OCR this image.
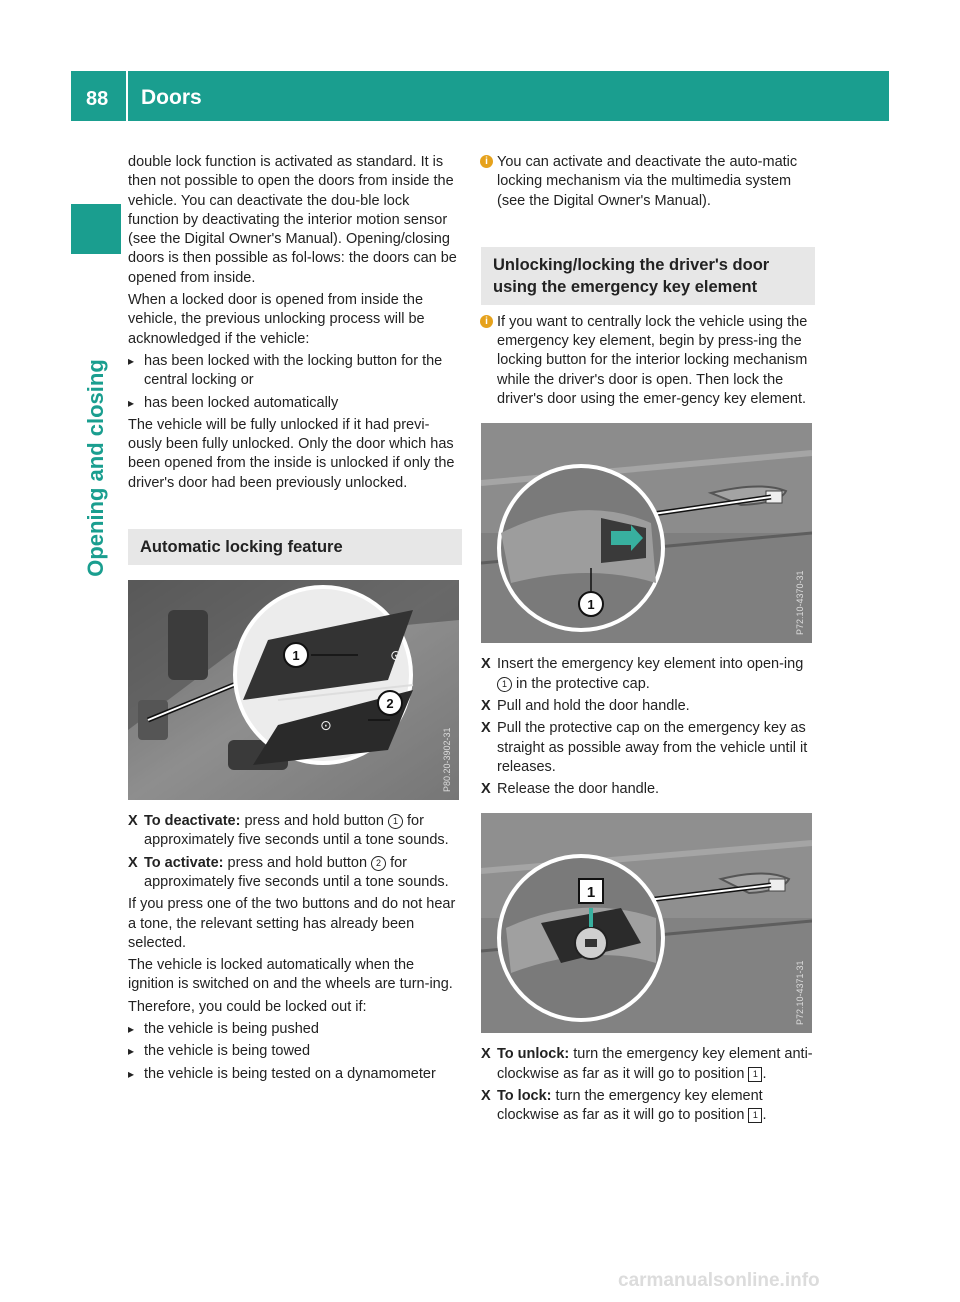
88 Doors
Opening and closing

double lock function is activated as standard. It is then not possible to open the doors from inside the vehicle. You can deactivate the dou-ble lock function by deactivating the interior motion sensor (see the Digital Owner's Manual). Opening/closing doors is then possible as fol-lows: the doors can be opened from inside.

When a locked door is opened from inside the vehicle, the previous unlocking process will be acknowledged if the vehicle:

▸ has been locked with the locking button for the central locking or

▸ has been locked automatically

The vehicle will be fully unlocked if it had previ-ously been fully unlocked. Only the door which has been opened from the inside is unlocked if only the driver's door had been previously unlocked.

Automatic locking feature
⊙
⊙
1
2
P80.20-3902-31

X To deactivate: press and hold button 1 for approximately five seconds until a tone sounds.

X To activate: press and hold button 2 for approximately five seconds until a tone sounds.

If you press one of the two buttons and do not hear a tone, the relevant setting has already been selected.

The vehicle is locked automatically when the ignition is switched on and the wheels are turn-ing.

Therefore, you could be locked out if:

▸ the vehicle is being pushed

▸ the vehicle is being towed

▸ the vehicle is being tested on a dynamometer

i You can activate and deactivate the auto-matic locking mechanism via the multimedia system (see the Digital Owner's Manual).

Unlocking/locking the driver's door using the emergency key element

i If you want to centrally lock the vehicle using the emergency key element, begin by press-ing the locking button for the interior locking mechanism while the driver's door is open. Then lock the driver's door using the emer-gency key element.

1	P72.10-4370-31

X Insert the emergency key element into open-ing 1 in the protective cap.

X Pull and hold the door handle.

X Pull the protective cap on the emergency key as straight as possible away from the vehicle until it releases.

X Release the door handle.

1
P72.10-4371-31

X To unlock: turn the emergency key element anti-clockwise as far as it will go to position 1 .

X To lock: turn the emergency key element clockwise as far as it will go to position 1 .

carmanualsonline.info
